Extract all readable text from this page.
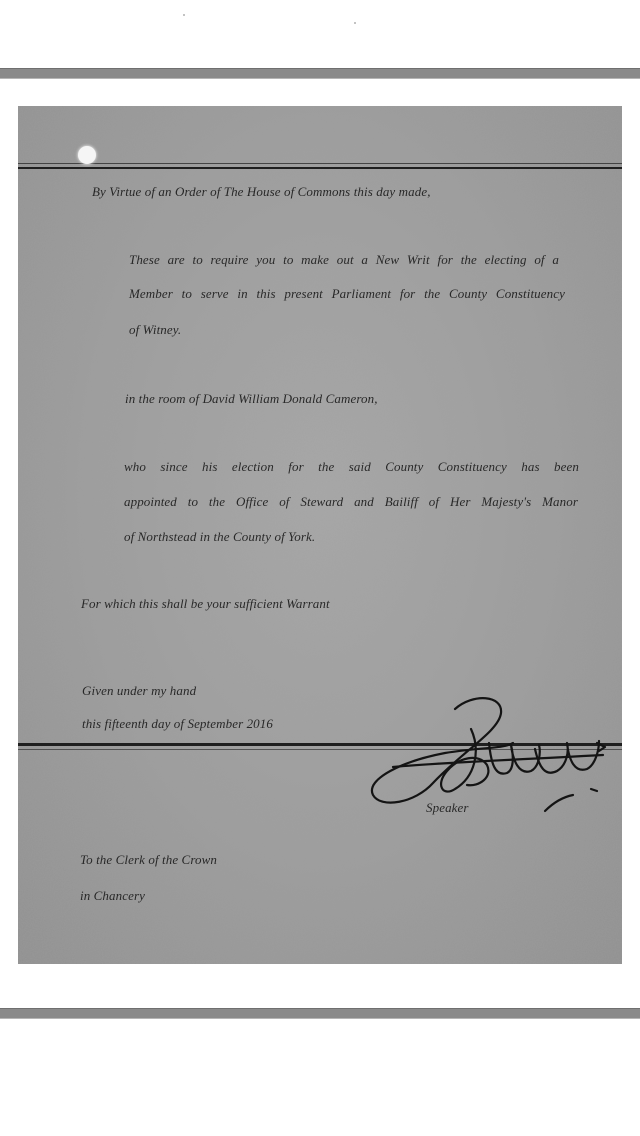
By Virtue of an Order of The House of Commons this day made,
These are to require you to make out a New Writ for the electing of a
Member to serve in this present Parliament for the County Constituency
of Witney.
in the room of David William Donald Cameron,
who since his election for the said County Constituency has been
appointed to the Office of Steward and Bailiff of Her Majesty's Manor
of Northstead in the County of York.
For which this shall be your sufficient Warrant
Given under my hand
this fifteenth day of September 2016
Speaker
To the Clerk of the Crown
in Chancery
